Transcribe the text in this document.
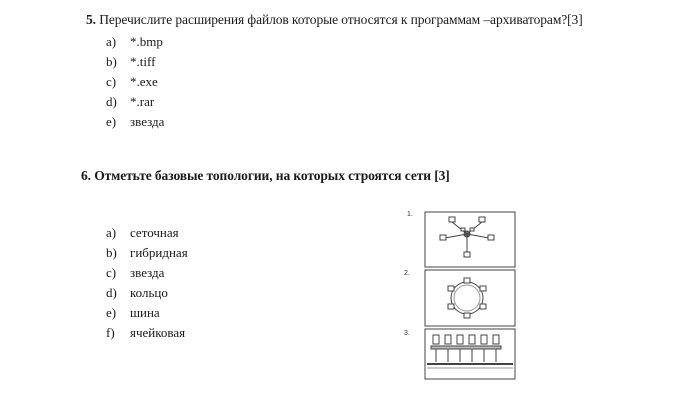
5. Перечислите расширения файлов которые относятся к программам –архиваторам?[3]
a) *.bmp
b) *.tiff
c) *.exe
d) *.rar
e) звезда
6. Отметьте базовые топологии, на которых строятся сети [3]
a) сеточная
b) гибридная
c) звезда
d) кольцо
e) шина
f) ячейковая
1.
2.
3.
